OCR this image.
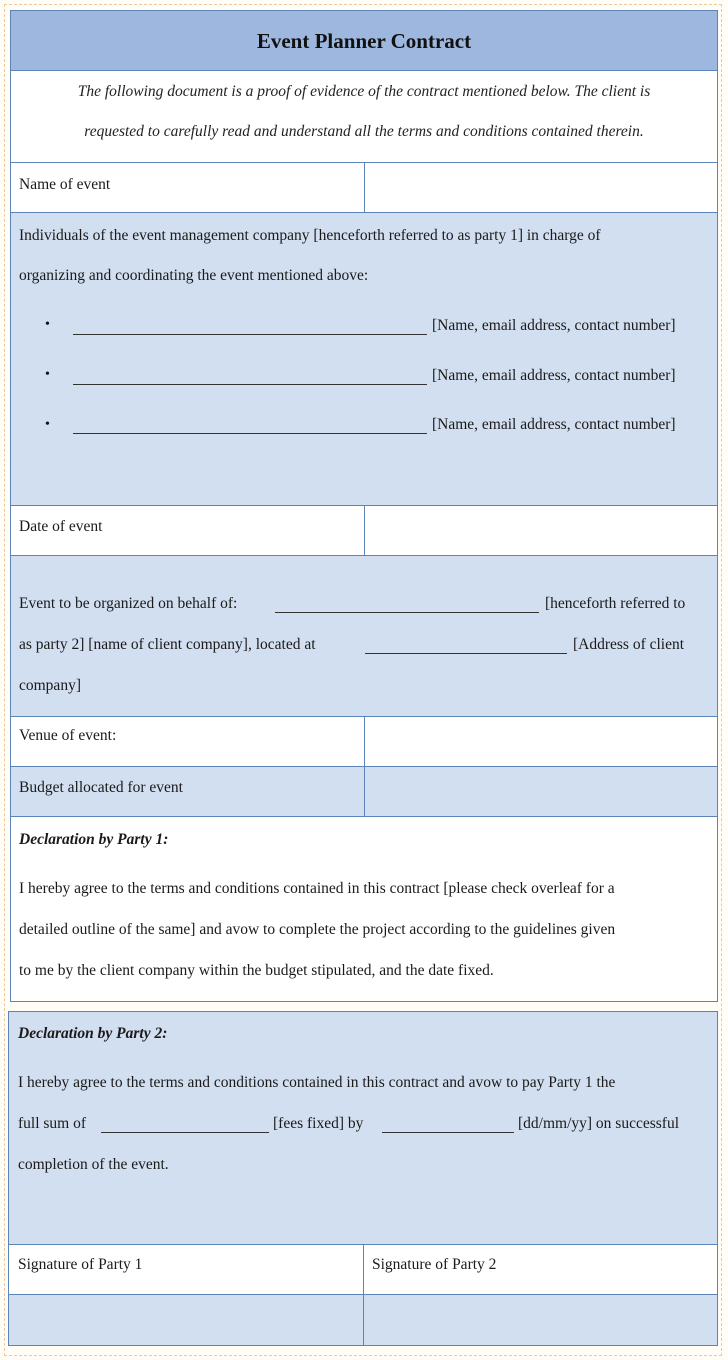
Event Planner Contract
The following document is a proof of evidence of the contract mentioned below. The client is
requested to carefully read and understand all the terms and conditions contained therein.
Name of event
Individuals of the event management company [henceforth referred to as party 1] in charge of
organizing and coordinating the event mentioned above:
•	[Name, email address, contact number]
•	[Name, email address, contact number]
•	[Name, email address, contact number]
Date of event
Event to be organized on behalf of:	[henceforth referred to
as party 2] [name of client company], located at	[Address of client
company]
Venue of event:
Budget allocated for event
Declaration by Party 1:
I hereby agree to the terms and conditions contained in this contract [please check overleaf for a
detailed outline of the same] and avow to complete the project according to the guidelines given
to me by the client company within the budget stipulated, and the date fixed.
Declaration by Party 2:
I hereby agree to the terms and conditions contained in this contract and avow to pay Party 1 the
full sum of	[fees fixed] by	[dd/mm/yy] on successful
completion of the event.
Signature of Party 1	Signature of Party 2
